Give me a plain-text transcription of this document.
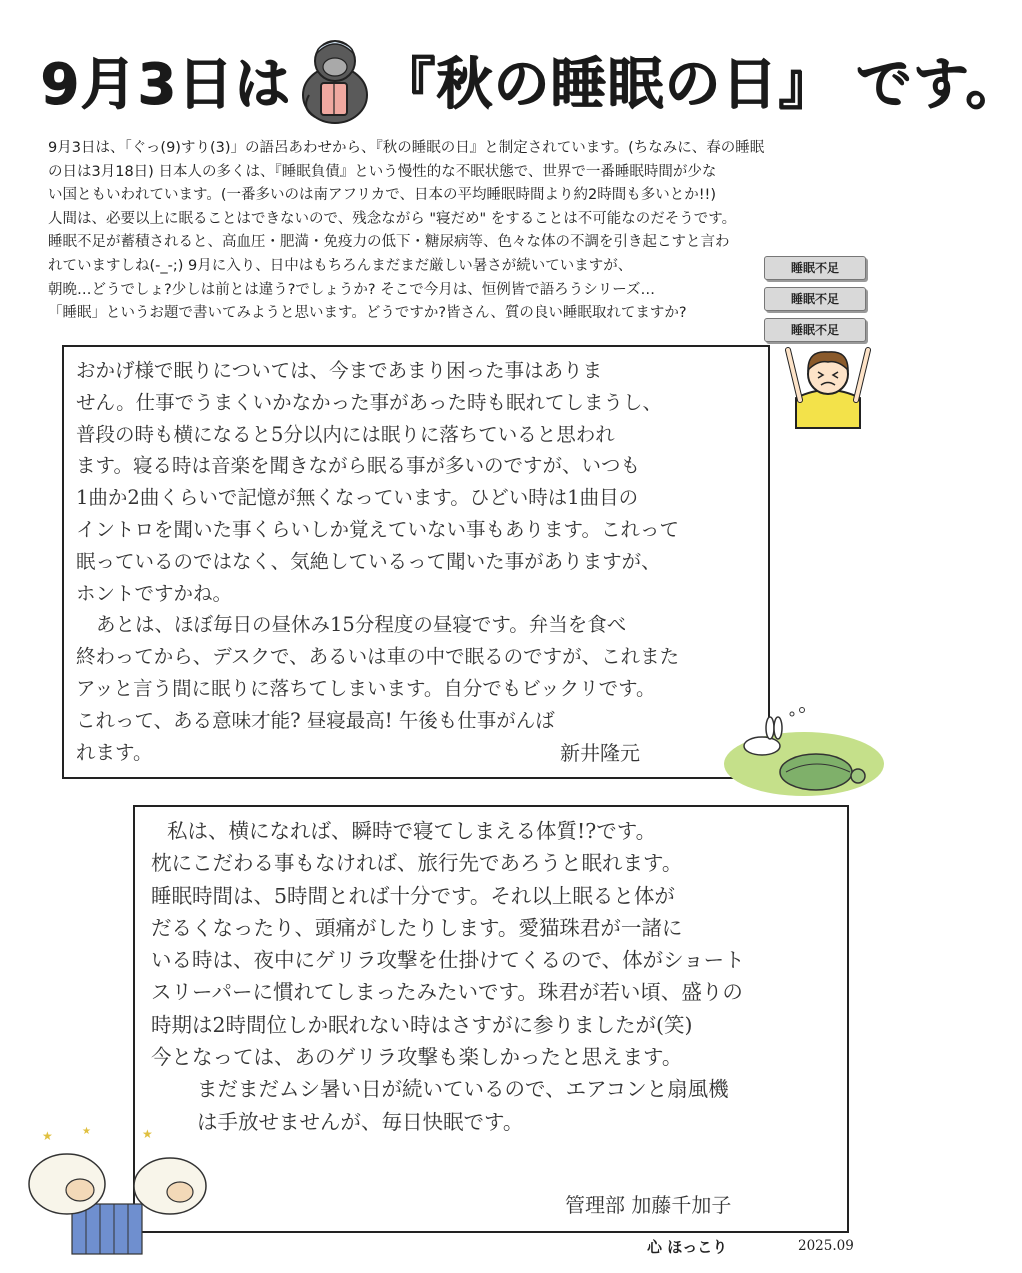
9月3日は 『秋の睡眠の日』 です。

9月3日は、「ぐっ(9)すり(3)」の語呂あわせから、『秋の睡眠の日』と制定されています。(ちなみに、春の睡眠

の日は3月18日) 日本人の多くは、『睡眠負債』という慢性的な不眠状態で、世界で一番睡眠時間が少な

い国ともいわれています。(一番多いのは南アフリカで、日本の平均睡眠時間より約2時間も多いとか!!)

人間は、必要以上に眠ることはできないので、残念ながら "寝だめ" をすることは不可能なのだそうです。

睡眠不足が蓄積されると、高血圧・肥満・免疫力の低下・糖尿病等、色々な体の不調を引き起こすと言わ

れていますしね(-_-;) 9月に入り、日中はもちろんまだまだ厳しい暑さが続いていますが、

朝晩…どうでしょ?少しは前とは違う?でしょうか? そこで今月は、恒例皆で語ろうシリーズ…

「睡眠」というお題で書いてみようと思います。どうですか?皆さん、質の良い睡眠取れてますか?

睡眠不足
睡眠不足
睡眠不足

おかげ様で眠りについては、今まであまり困った事はありま

せん。仕事でうまくいかなかった事があった時も眠れてしまうし、

普段の時も横になると5分以内には眠りに落ちていると思われ

ます。寝る時は音楽を聞きながら眠る事が多いのですが、いつも

1曲か2曲くらいで記憶が無くなっています。ひどい時は1曲目の

イントロを聞いた事くらいしか覚えていない事もあります。これって

眠っているのではなく、気絶しているって聞いた事がありますが、

ホントですかね。

あとは、ほぼ毎日の昼休み15分程度の昼寝です。弁当を食べ

終わってから、デスクで、あるいは車の中で眠るのですが、これまた

アッと言う間に眠りに落ちてしまいます。自分でもビックリです。

これって、ある意味才能? 昼寝最高! 午後も仕事がんば

れます。	新井隆元

私は、横になれば、瞬時で寝てしまえる体質!?です。

枕にこだわる事もなければ、旅行先であろうと眠れます。

睡眠時間は、5時間とれば十分です。それ以上眠ると体が

だるくなったり、頭痛がしたりします。愛猫珠君が一諸に

いる時は、夜中にゲリラ攻撃を仕掛けてくるので、体がショート

スリーパーに慣れてしまったみたいです。珠君が若い頃、盛りの

時期は2時間位しか眠れない時はさすがに参りましたが(笑)

今となっては、あのゲリラ攻撃も楽しかったと思えます。

まだまだムシ暑い日が続いているので、エアコンと扇風機

は手放せませんが、毎日快眠です。

管理部 加藤千加子
★	★	★
心 ほっこり	2025.09
